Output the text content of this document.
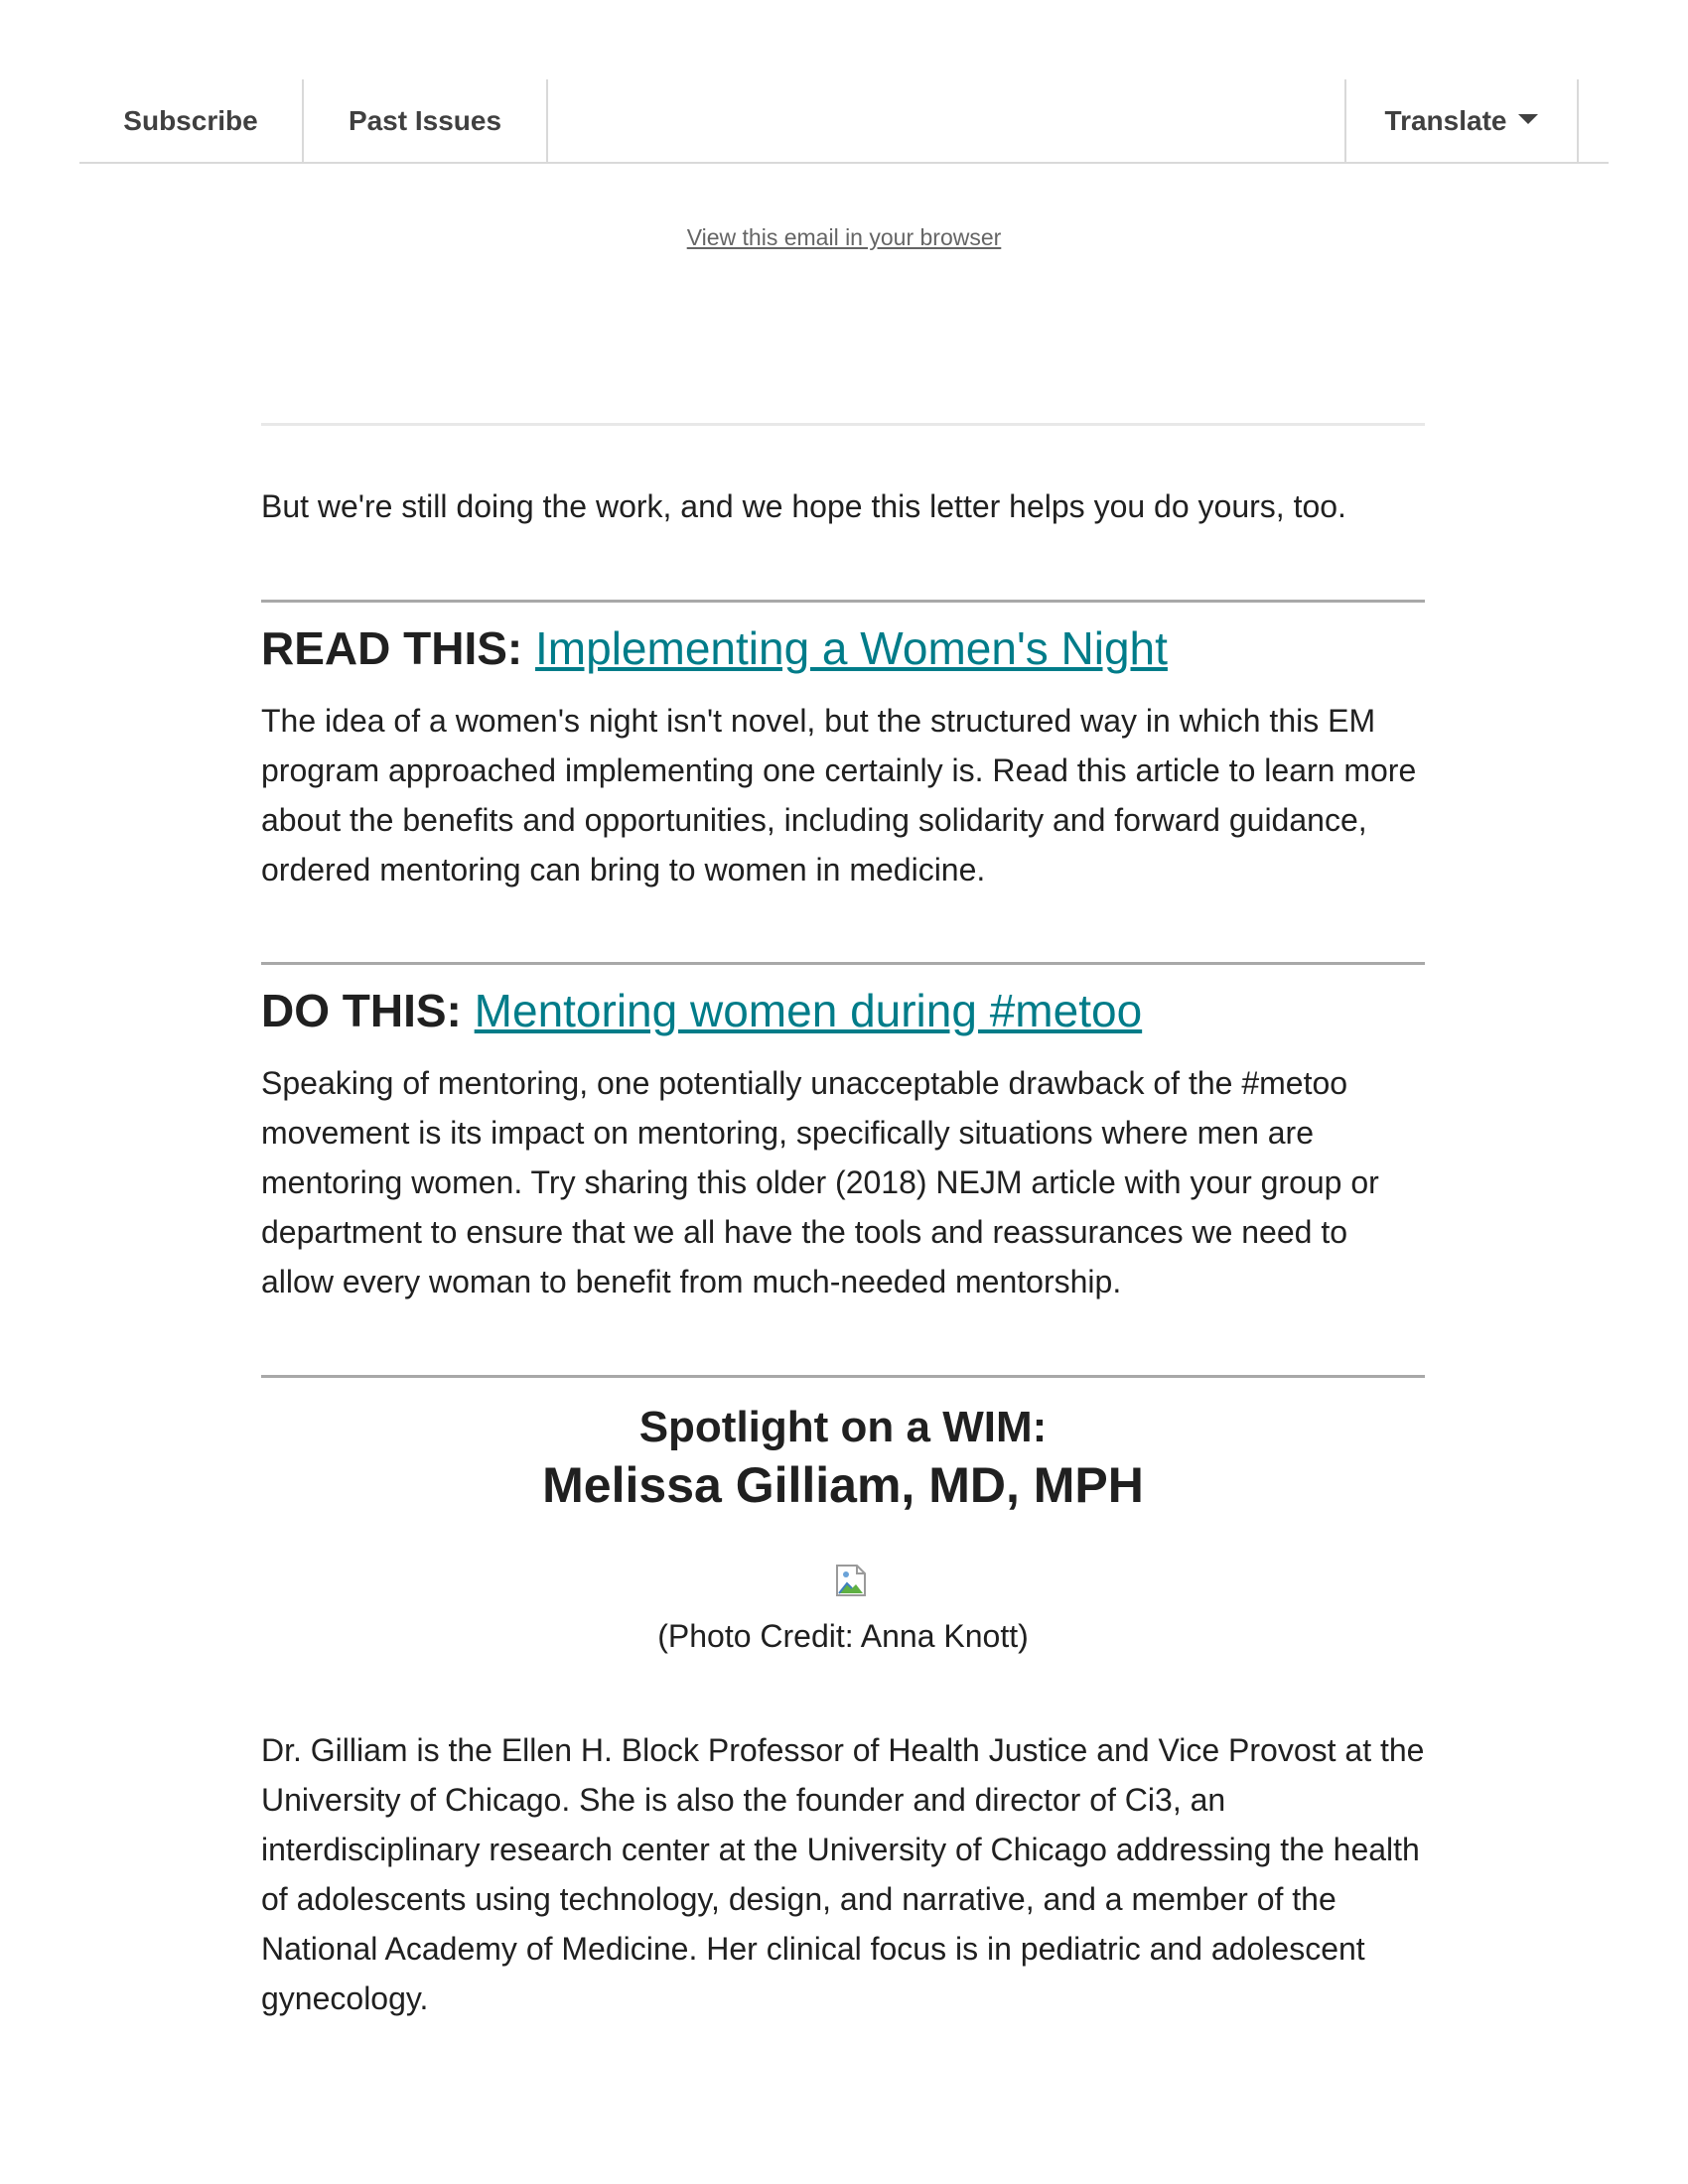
Subscribe	Past Issues	Translate
View this email in your browser

But we're still doing the work, and we hope this letter helps you do yours, too.

READ THIS: Implementing a Women's Night

The idea of a women's night isn't novel, but the structured way in which this EM program approached implementing one certainly is. Read this article to learn more about the benefits and opportunities, including solidarity and forward guidance, ordered mentoring can bring to women in medicine.

DO THIS: Mentoring women during #metoo

Speaking of mentoring, one potentially unacceptable drawback of the #metoo movement is its impact on mentoring, specifically situations where men are mentoring women. Try sharing this older (2018) NEJM article with your group or department to ensure that we all have the tools and reassurances we need to allow every woman to benefit from much-needed mentorship.

Spotlight on a WIM:
Melissa Gilliam, MD, MPH

(Photo Credit: Anna Knott)

Dr. Gilliam is the Ellen H. Block Professor of Health Justice and Vice Provost at the University of Chicago. She is also the founder and director of Ci3, an interdisciplinary research center at the University of Chicago addressing the health of adolescents using technology, design, and narrative, and a member of the National Academy of Medicine. Her clinical focus is in pediatric and adolescent gynecology.
